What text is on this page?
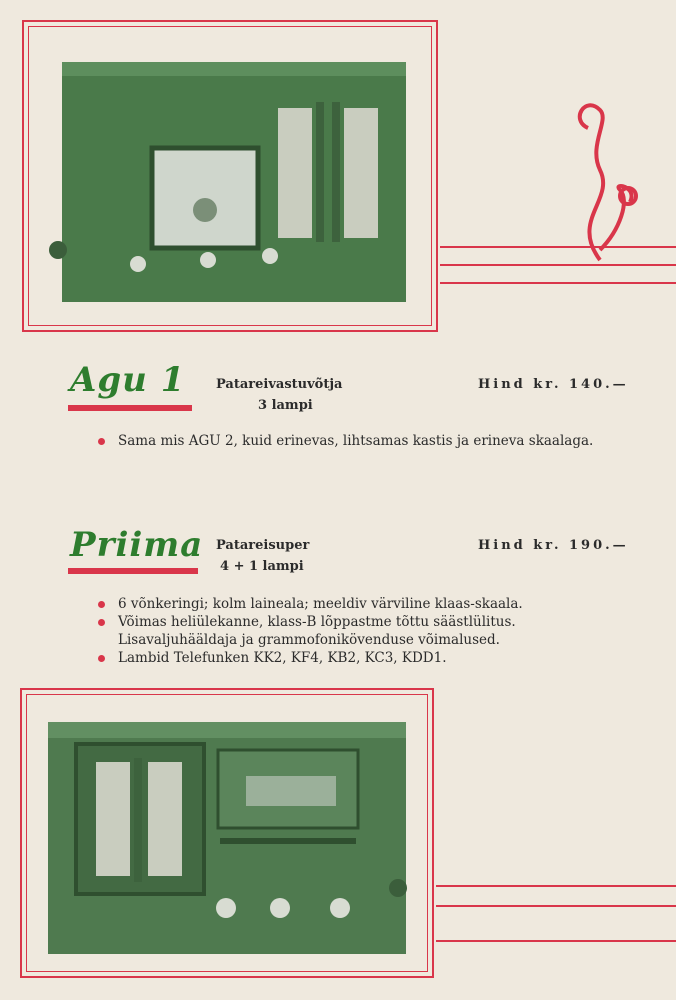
Agu 1 Patareivastuvõtja
3 lampi
Hind kr. 140.—
Sama mis AGU 2, kuid erinevas, lihtsamas kastis ja erineva skaalaga.
Priima Patareisuper
4 + 1 lampi
Hind kr. 190.—
6 võnkeringi; kolm laineala; meeldiv värviline klaas-skaala.
Võimas heliülekanne, klass-B lõppastme tõttu säästlülitus. Lisavaljuhääldaja ja grammofonikövenduse võimalused.
Lambid Telefunken KK2, KF4, KB2, KC3, KDD1.
